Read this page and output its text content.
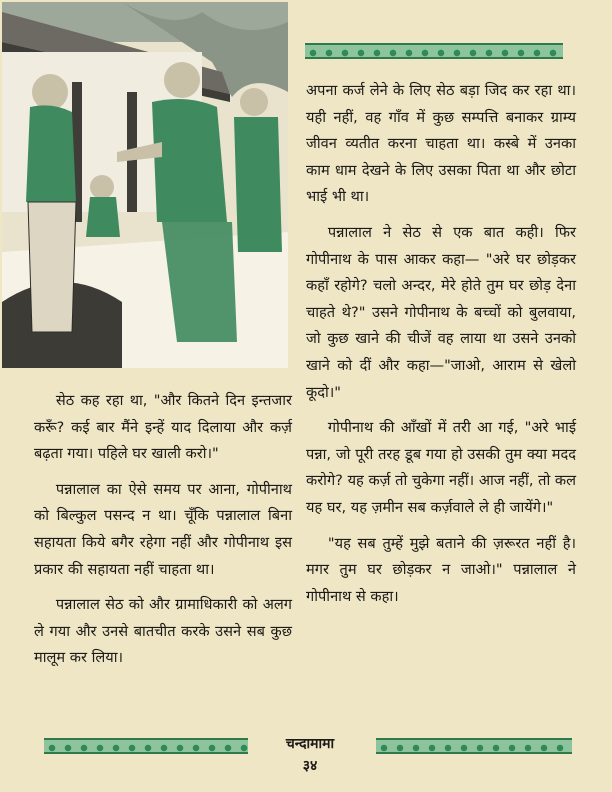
अपना कर्ज लेने के लिए सेठ बड़ा जिद कर रहा था। यही नहीं, वह गाँव में कुछ सम्पत्ति बनाकर ग्राम्य जीवन व्यतीत करना चाहता था। कस्बे में उनका काम धाम देखने के लिए उसका पिता था और छोटा भाई भी था।

पन्नालाल ने सेठ से एक बात कही। फिर गोपीनाथ के पास आकर कहा— "अरे घर छोड़कर कहाँ रहोगे? चलो अन्दर, मेरे होते तुम घर छोड़ देना चाहते थे?" उसने गोपीनाथ के बच्चों को बुलवाया, जो कुछ खाने की चीजें वह लाया था उसने उनको खाने को दीं और कहा—"जाओ, आराम से खेलो कूदो।"

गोपीनाथ की आँखों में तरी आ गई, "अरे भाई पन्ना, जो पूरी तरह डूब गया हो उसकी तुम क्या मदद करोगे? यह कर्ज़ तो चुकेगा नहीं। आज नहीं, तो कल यह घर, यह ज़मीन सब कर्ज़वाले ले ही जायेंगे।"

"यह सब तुम्हें मुझे बताने की ज़रूरत नहीं है। मगर तुम घर छोड़कर न जाओ।" पन्नालाल ने गोपीनाथ से कहा।

सेठ कह रहा था, "और कितने दिन इन्तजार करूँ? कई बार मैंने इन्हें याद दिलाया और कर्ज़ बढ़ता गया। पहिले घर खाली करो।"

पन्नालाल का ऐसे समय पर आना, गोपीनाथ को बिल्कुल पसन्द न था। चूँकि पन्नालाल बिना सहायता किये बगैर रहेगा नहीं और गोपीनाथ इस प्रकार की सहायता नहीं चाहता था।

पन्नालाल सेठ को और ग्रामाधिकारी को अलग ले गया और उनसे बातचीत करके उसने सब कुछ मालूम कर लिया।

चन्दामामा
३४
